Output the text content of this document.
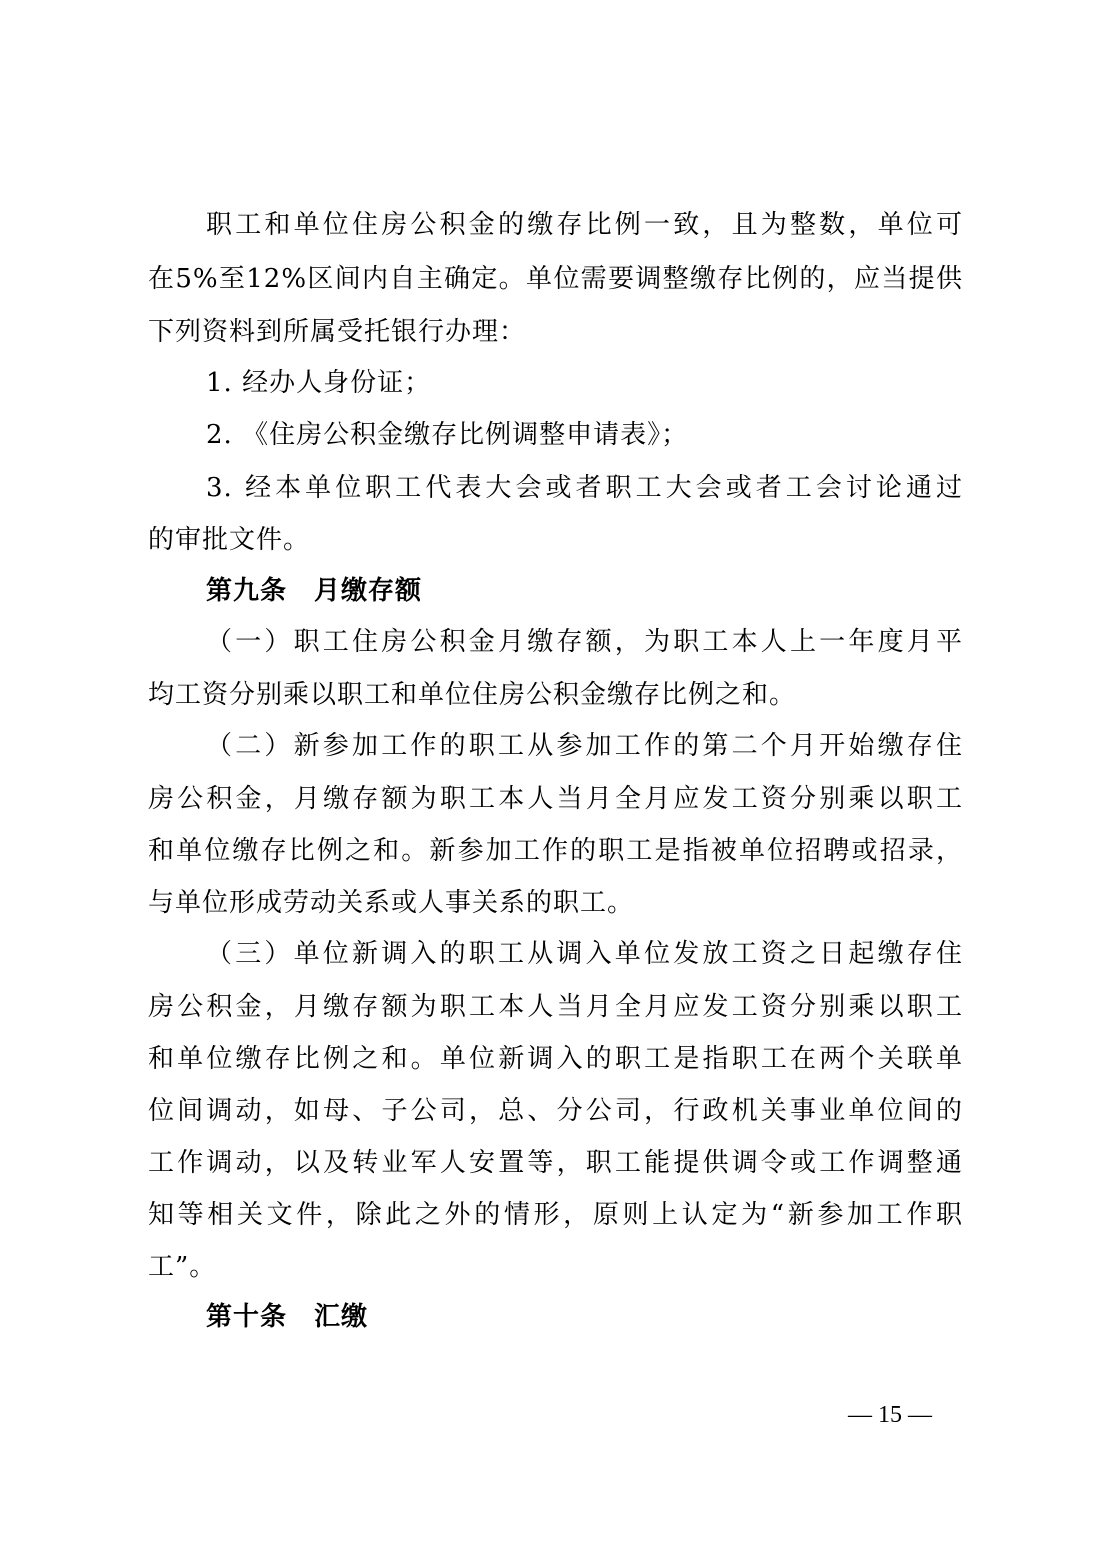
职工和单位住房公积金的缴存比例一致，且为整数，单位可
在5%至12%区间内自主确定。单位需要调整缴存比例的，应当提供
下列资料到所属受托银行办理：
1. 经办人身份证；
2. 《住房公积金缴存比例调整申请表》；
3. 经本单位职工代表大会或者职工大会或者工会讨论通过
的审批文件。
第九条　月缴存额
（一）职工住房公积金月缴存额，为职工本人上一年度月平
均工资分别乘以职工和单位住房公积金缴存比例之和。
（二）新参加工作的职工从参加工作的第二个月开始缴存住
房公积金，月缴存额为职工本人当月全月应发工资分别乘以职工
和单位缴存比例之和。新参加工作的职工是指被单位招聘或招录，
与单位形成劳动关系或人事关系的职工。
（三）单位新调入的职工从调入单位发放工资之日起缴存住
房公积金，月缴存额为职工本人当月全月应发工资分别乘以职工
和单位缴存比例之和。单位新调入的职工是指职工在两个关联单
位间调动，如母、子公司，总、分公司，行政机关事业单位间的
工作调动，以及转业军人安置等，职工能提供调令或工作调整通
知等相关文件，除此之外的情形，原则上认定为“新参加工作职
工”。
第十条　汇缴
— 15 —
